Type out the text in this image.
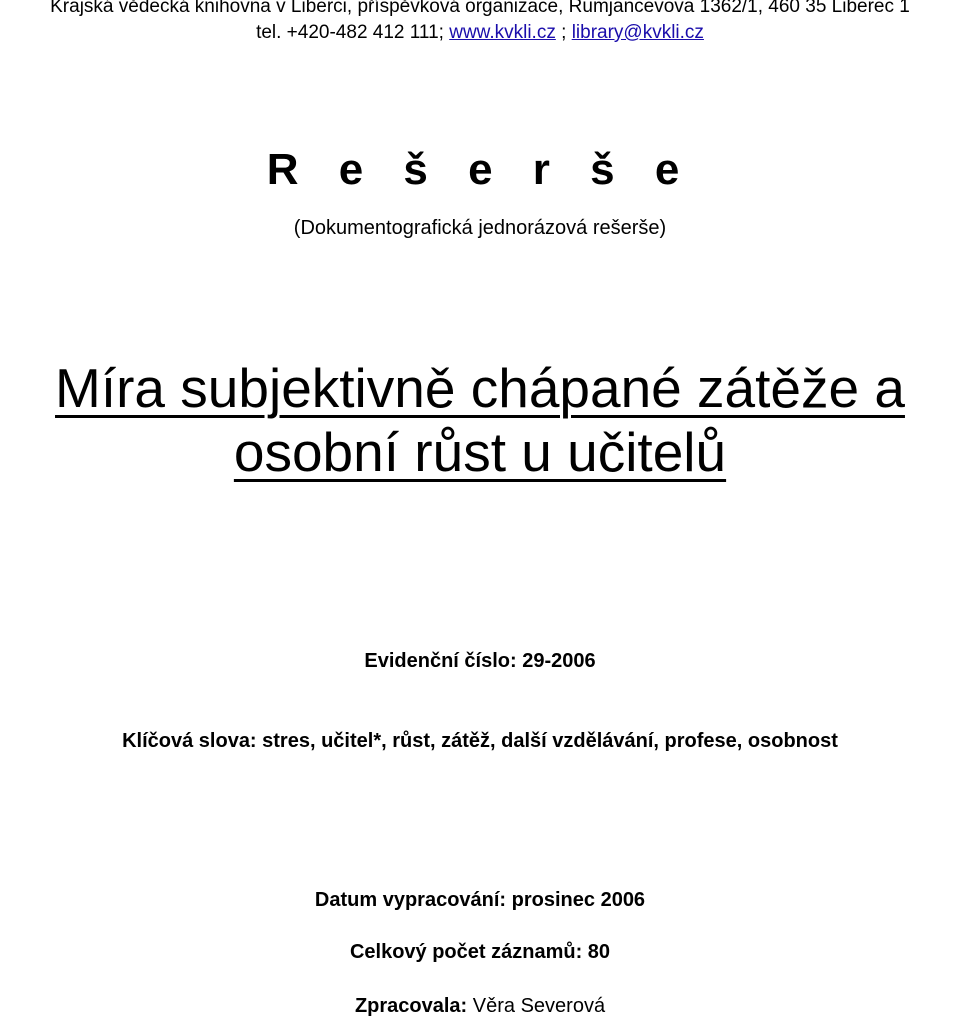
Krajská vědecká knihovna v Liberci, příspěvková organizace, Rumjancevova 1362/1, 460 35 Liberec 1
tel. +420-482 412 111; www.kvkli.cz ; library@kvkli.cz
R e š e r š e
(Dokumentografická jednorázová rešerše)
Míra subjektivně chápané zátěže a
osobní růst u učitelů
Evidenční číslo: 29-2006
Klíčová slova: stres, učitel*, růst, zátěž, další vzdělávání, profese, osobnost
Datum vypracování: prosinec 2006
Celkový počet záznamů: 80
Zpracovala: Věra Severová
